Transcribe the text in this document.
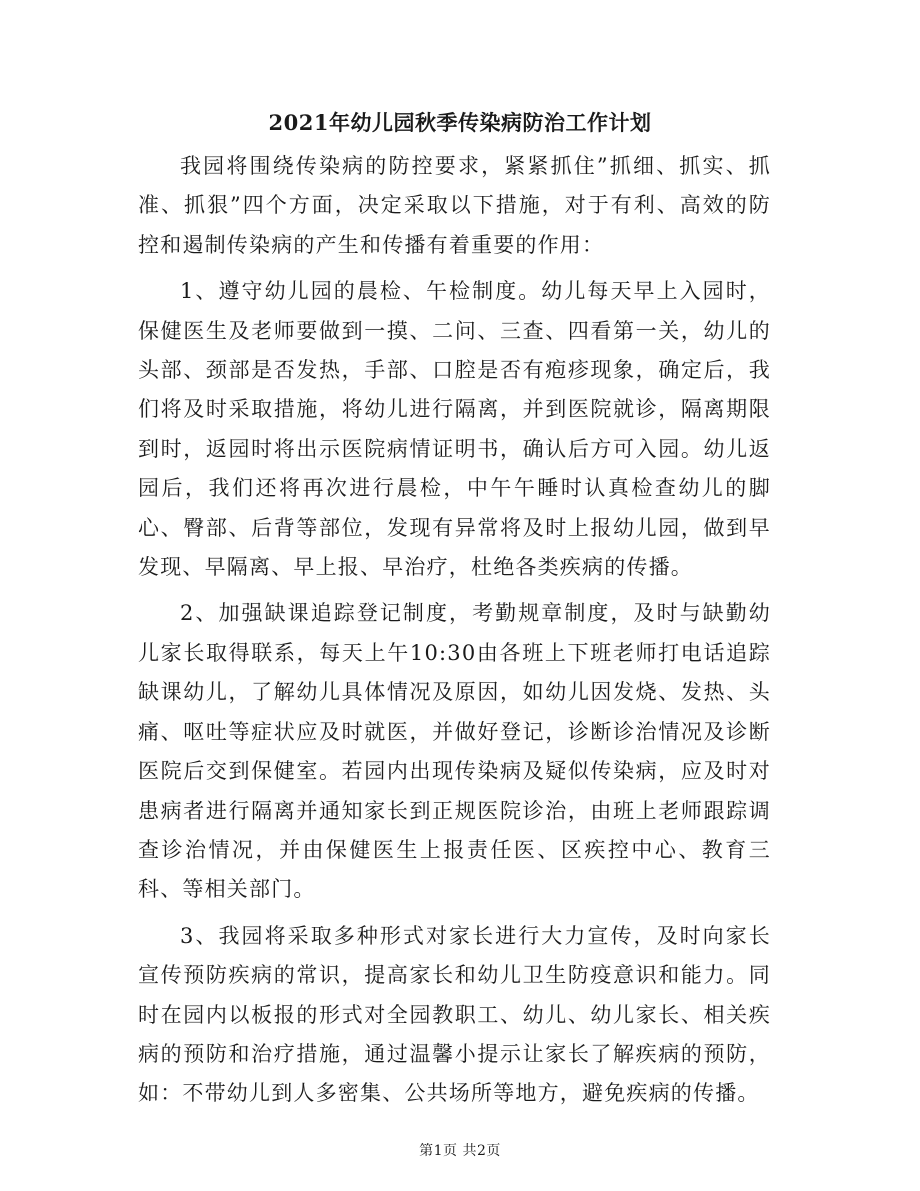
2021年幼儿园秋季传染病防治工作计划

我园将围绕传染病的防控要求，紧紧抓住”抓细、抓实、抓准、抓狠”四个方面，决定采取以下措施，对于有利、高效的防控和遏制传染病的产生和传播有着重要的作用：

1、遵守幼儿园的晨检、午检制度。幼儿每天早上入园时，保健医生及老师要做到一摸、二问、三查、四看第一关，幼儿的头部、颈部是否发热，手部、口腔是否有疱疹现象，确定后，我们将及时采取措施，将幼儿进行隔离，并到医院就诊，隔离期限到时，返园时将出示医院病情证明书，确认后方可入园。幼儿返园后，我们还将再次进行晨检，中午午睡时认真检查幼儿的脚心、臀部、后背等部位，发现有异常将及时上报幼儿园，做到早发现、早隔离、早上报、早治疗，杜绝各类疾病的传播。

2、加强缺课追踪登记制度，考勤规章制度，及时与缺勤幼儿家长取得联系，每天上午10:30由各班上下班老师打电话追踪缺课幼儿，了解幼儿具体情况及原因，如幼儿因发烧、发热、头痛、呕吐等症状应及时就医，并做好登记，诊断诊治情况及诊断医院后交到保健室。若园内出现传染病及疑似传染病，应及时对患病者进行隔离并通知家长到正规医院诊治，由班上老师跟踪调查诊治情况，并由保健医生上报责任医、区疾控中心、教育三科、等相关部门。

3、我园将采取多种形式对家长进行大力宣传，及时向家长宣传预防疾病的常识，提高家长和幼儿卫生防疫意识和能力。同时在园内以板报的形式对全园教职工、幼儿、幼儿家长、相关疾病的预防和治疗措施，通过温馨小提示让家长了解疾病的预防，如：不带幼儿到人多密集、公共场所等地方，避免疾病的传播。

第1页 共2页
